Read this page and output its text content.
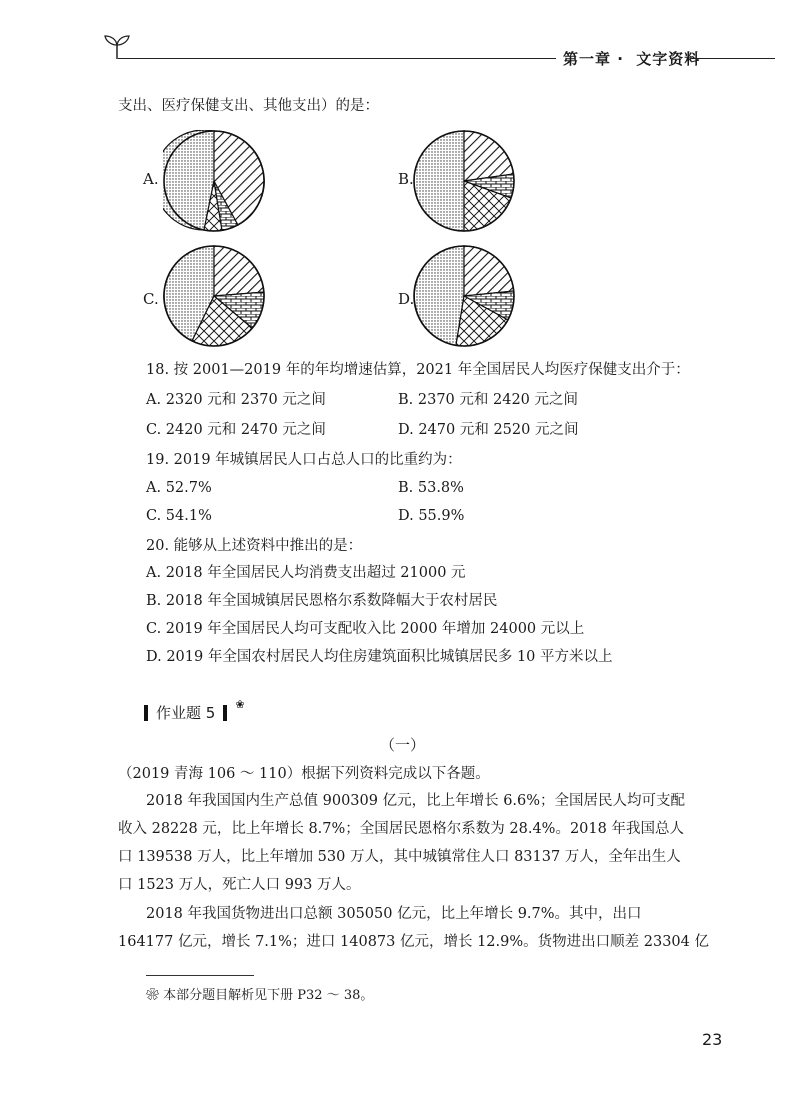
第一章 · 文字资料
支出、医疗保健支出、其他支出）的是：
A.	B.
C.	D.
18. 按 2001—2019 年的年均增速估算，2021 年全国居民人均医疗保健支出介于：
A. 2320 元和 2370 元之间	B. 2370 元和 2420 元之间
C. 2420 元和 2470 元之间	D. 2470 元和 2520 元之间
19. 2019 年城镇居民人口占总人口的比重约为：
A. 52.7%	B. 53.8%
C. 54.1%	D. 55.9%
20. 能够从上述资料中推出的是：
A. 2018 年全国居民人均消费支出超过 21000 元
B. 2018 年全国城镇居民恩格尔系数降幅大于农村居民
C. 2019 年全国居民人均可支配收入比 2000 年增加 24000 元以上
D. 2019 年全国农村居民人均住房建筑面积比城镇居民多 10 平方米以上
作业题 5 ❀
（一）
（2019 青海 106 ～ 110）根据下列资料完成以下各题。
2018 年我国国内生产总值 900309 亿元，比上年增长 6.6%；全国居民人均可支配
收入 28228 元，比上年增长 8.7%；全国居民恩格尔系数为 28.4%。2018 年我国总人
口 139538 万人，比上年增加 530 万人，其中城镇常住人口 83137 万人，全年出生人
口 1523 万人，死亡人口 993 万人。
2018 年我国货物进出口总额 305050 亿元，比上年增长 9.7%。其中，出口
164177 亿元，增长 7.1%；进口 140873 亿元，增长 12.9%。货物进出口顺差 23304 亿
❀ 本部分题目解析见下册 P32 ～ 38。
23
